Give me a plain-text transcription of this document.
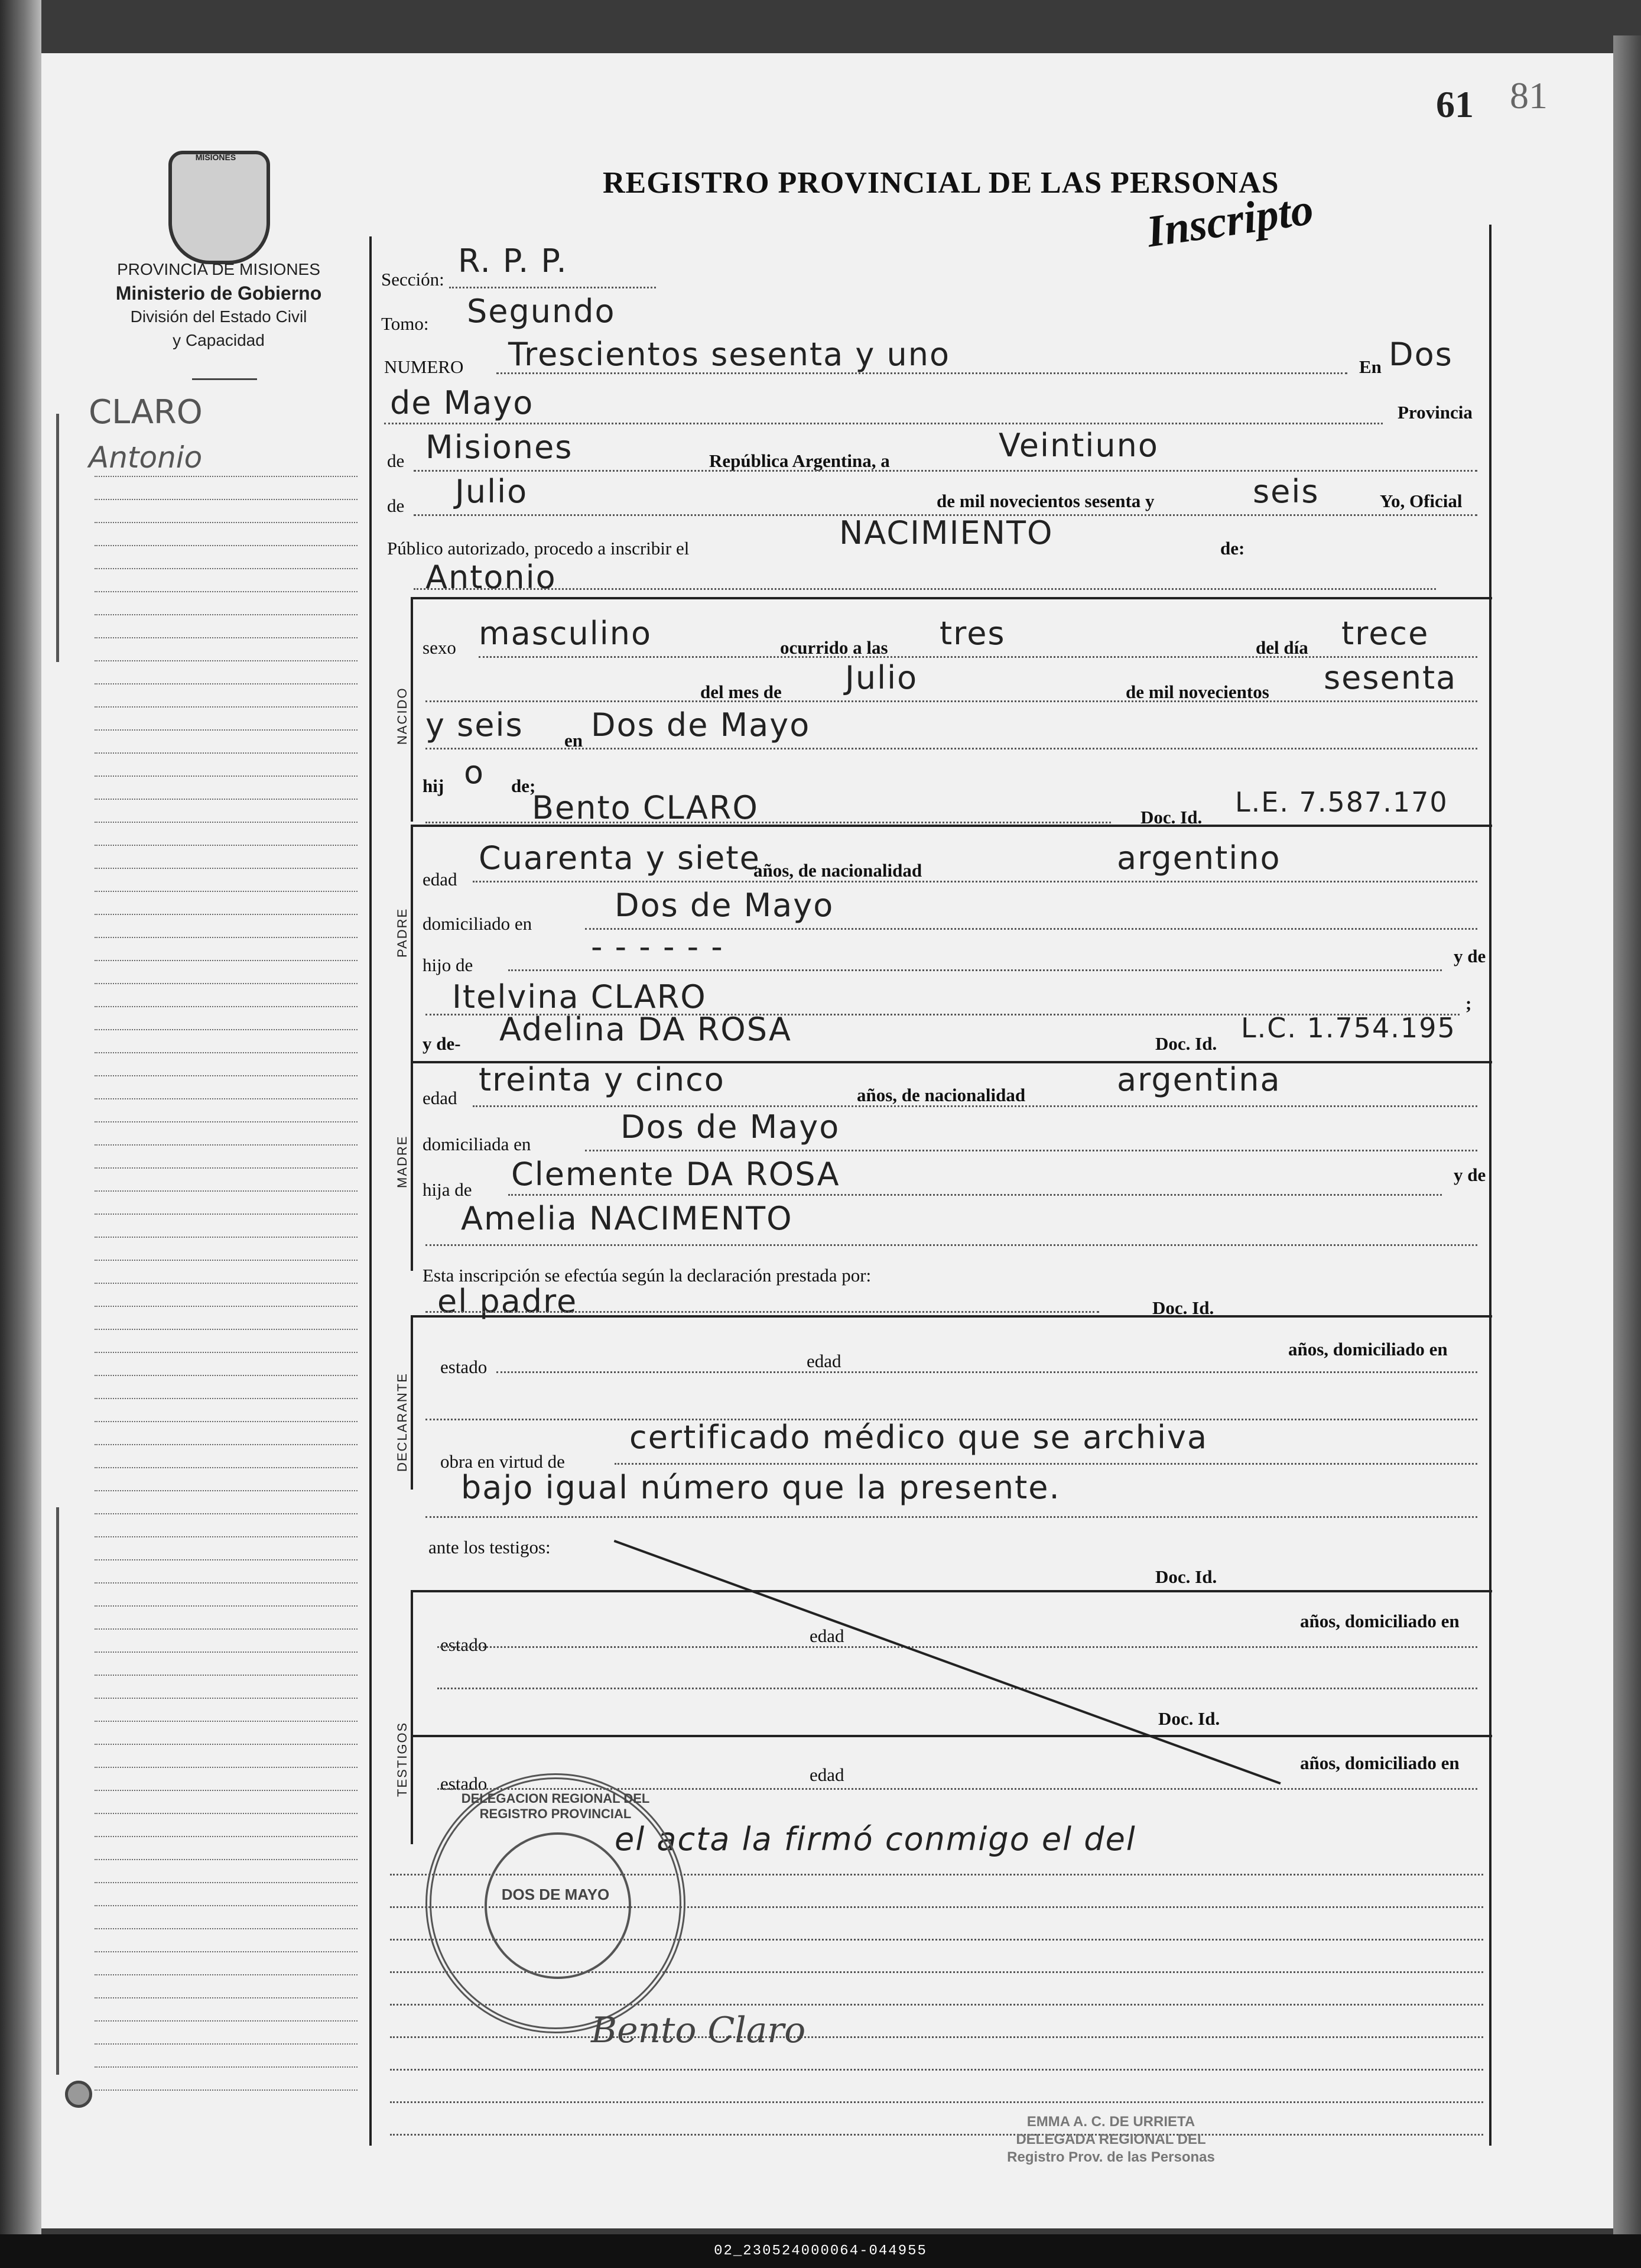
61 81
REGISTRO PROVINCIAL DE LAS PERSONAS
Inscripto
MISIONES
PROVINCIA DE MISIONES
Ministerio de Gobierno
División del Estado Civil
y Capacidad
CLARO
Antonio
Sección: R. P. P.
Tomo: Segundo
NUMERO Trescientos sesenta y uno	En Dos
de Mayo	Provincia
de Misiones	República Argentina, a	Veintiuno
de Julio	de mil novecientos sesenta y	seis	Yo, Oficial
Público autorizado, procedo a inscribir el	NACIMIENTO	de:
NACIDO
Antonio
sexo masculino	ocurrido a las tres	del día trece
del mes de Julio	de mil novecientos sesenta
y seis en Dos de Mayo
hij o de;
PADRE
Bento CLARO	Doc. Id. L.E. 7.587.170
edad
Cuarenta y siete
años, de nacionalidad	argentino
domiciliado en	Dos de Mayo
hijo de	- - - - - -	y de
Itelvina CLARO	;
y de- Adelina DA ROSA	Doc. Id. L.C. 1.754.195
MADRE
edad treinta y cinco	años, de nacionalidad	argentina
domiciliada en	Dos de Mayo
hija de Clemente DA ROSA	y de
Amelia NACIMENTO
Esta inscripción se efectúa según la declaración prestada por:
DECLARANTE
el padre	Doc. Id.
estado	edad
años, domiciliado en
obra en virtud de
certificado médico que se archiva
bajo igual número que la presente.
ante los testigos:
TESTIGOS
Doc. Id.
estado	edad
años, domiciliado en
Doc. Id.
estado	edad
años, domiciliado en
el acta la firmó conmigo el del
DELEGACION REGIONAL DEL REGISTRO PROVINCIAL
DOS DE MAYO
Bento Claro
EMMA A. C. DE URRIETA
DELEGADA REGIONAL DEL
Registro Prov. de las Personas
02_230524000064-044955
